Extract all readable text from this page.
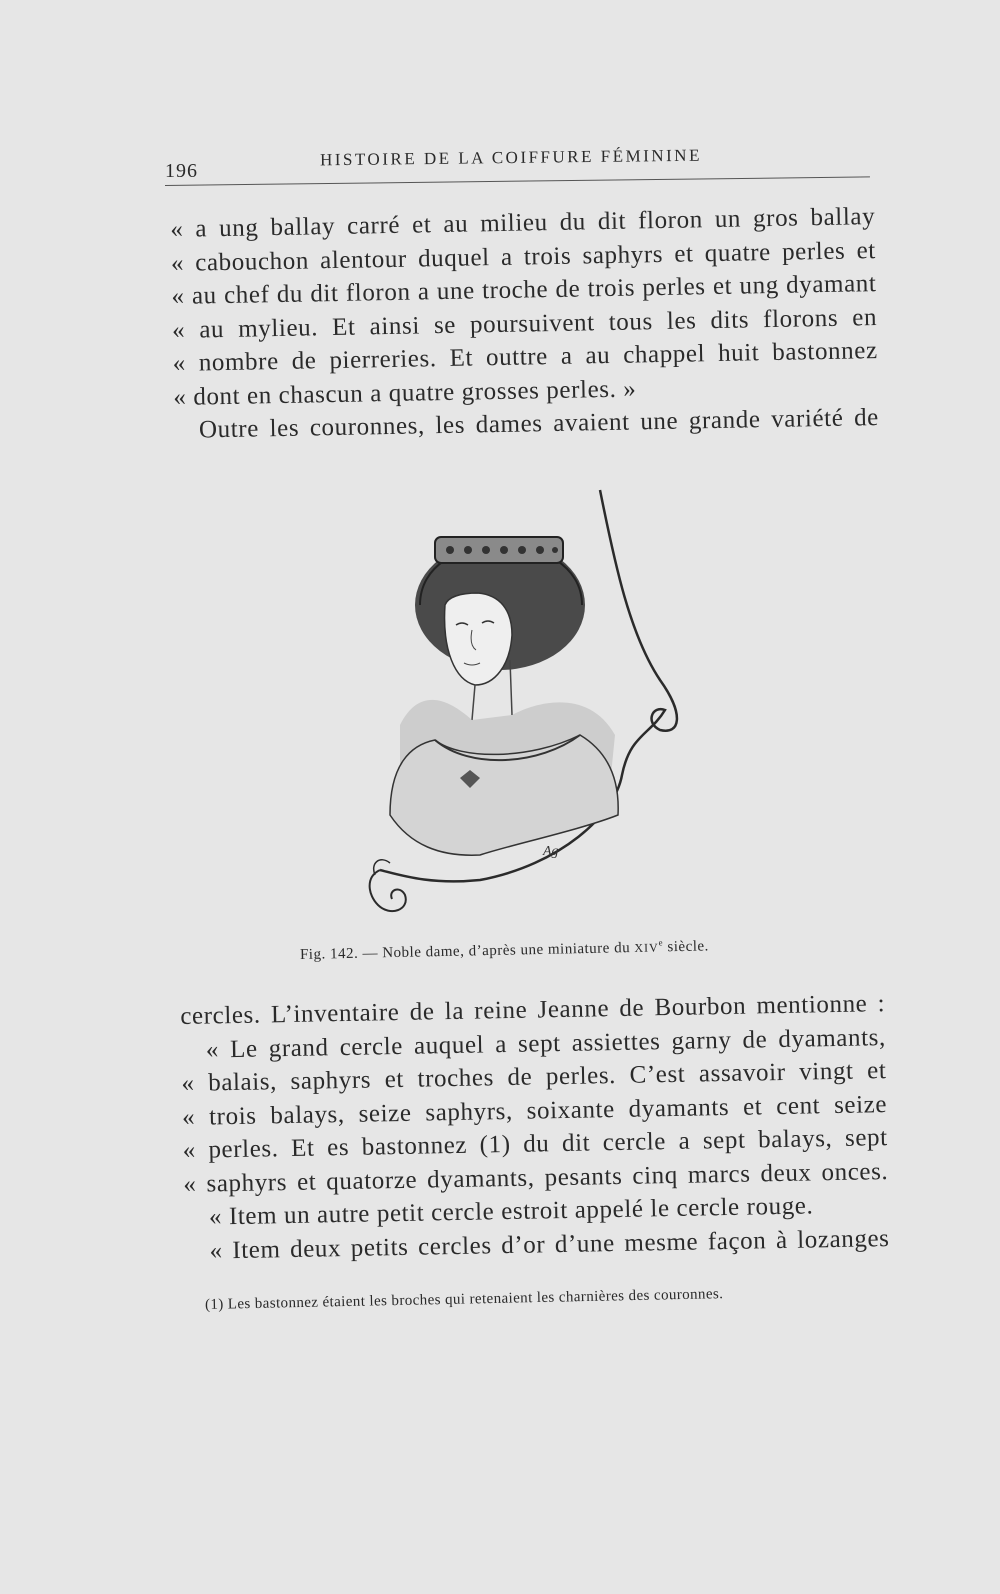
196
HISTOIRE DE LA COIFFURE FÉMININE
« a ung ballay carré et au milieu du dit floron un gros ballay
« cabouchon alentour duquel a trois saphyrs et quatre perles et
« au chef du dit floron a une troche de trois perles et ung dyamant
« au mylieu. Et ainsi se poursuivent tous les dits florons en
« nombre de pierreries. Et outtre a au chappel huit bastonnez
« dont en chascun a quatre grosses perles. »
Outre les couronnes, les dames avaient une grande variété de
Ag
Fig. 142. — Noble dame, d’après une miniature du XIVe siècle.
cercles. L’inventaire de la reine Jeanne de Bourbon mentionne :
« Le grand cercle auquel a sept assiettes garny de dyamants,
« balais, saphyrs et troches de perles. C’est assavoir vingt et
« trois balays, seize saphyrs, soixante dyamants et cent seize
« perles. Et es bastonnez (1) du dit cercle a sept balays, sept
« saphyrs et quatorze dyamants, pesants cinq marcs deux onces.
« Item un autre petit cercle estroit appelé le cercle rouge.
« Item deux petits cercles d’or d’une mesme façon à lozanges
(1) Les bastonnez étaient les broches qui retenaient les charnières des couronnes.
